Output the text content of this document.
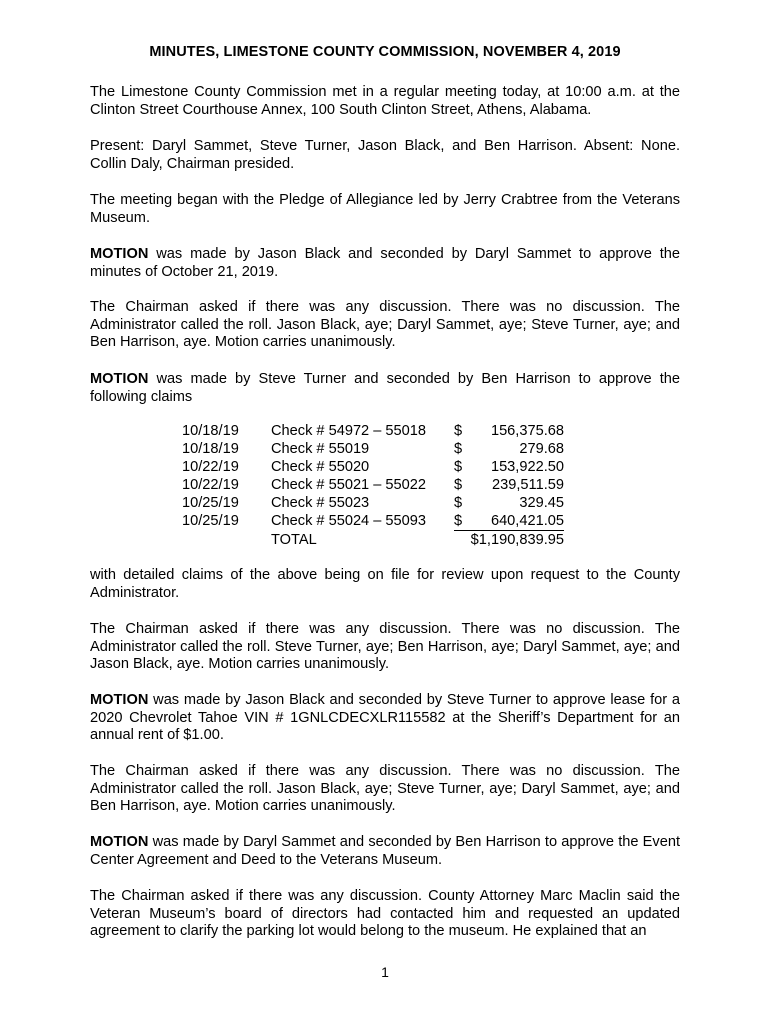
MINUTES, LIMESTONE COUNTY COMMISSION, NOVEMBER 4, 2019
The Limestone County Commission met in a regular meeting today, at 10:00 a.m. at the Clinton Street Courthouse Annex, 100 South Clinton Street, Athens, Alabama.
Present: Daryl Sammet, Steve Turner, Jason Black, and Ben Harrison. Absent: None. Collin Daly, Chairman presided.
The meeting began with the Pledge of Allegiance led by Jerry Crabtree from the Veterans Museum.
MOTION was made by Jason Black and seconded by Daryl Sammet to approve the minutes of October 21, 2019.
The Chairman asked if there was any discussion. There was no discussion. The Administrator called the roll. Jason Black, aye; Daryl Sammet, aye; Steve Turner, aye; and Ben Harrison, aye. Motion carries unanimously.
MOTION was made by Steve Turner and seconded by Ben Harrison to approve the following claims
10/18/19	Check # 54972 – 55018	$	156,375.68
10/18/19	Check # 55019	$	279.68
10/22/19	Check # 55020	$	153,922.50
10/22/19	Check # 55021 – 55022	$	239,511.59
10/25/19	Check # 55023	$	329.45
10/25/19	Check # 55024 – 55093	$	640,421.05
	TOTAL	$1,190,839.95	
with detailed claims of the above being on file for review upon request to the County Administrator.
The Chairman asked if there was any discussion. There was no discussion. The Administrator called the roll. Steve Turner, aye; Ben Harrison, aye; Daryl Sammet, aye; and Jason Black, aye. Motion carries unanimously.
MOTION was made by Jason Black and seconded by Steve Turner to approve lease for a 2020 Chevrolet Tahoe VIN # 1GNLCDECXLR115582 at the Sheriff’s Department for an annual rent of $1.00.
The Chairman asked if there was any discussion. There was no discussion. The Administrator called the roll. Jason Black, aye; Steve Turner, aye; Daryl Sammet, aye; and Ben Harrison, aye. Motion carries unanimously.
MOTION was made by Daryl Sammet and seconded by Ben Harrison to approve the Event Center Agreement and Deed to the Veterans Museum.
The Chairman asked if there was any discussion. County Attorney Marc Maclin said the Veteran Museum’s board of directors had contacted him and requested an updated agreement to clarify the parking lot would belong to the museum. He explained that an
1
